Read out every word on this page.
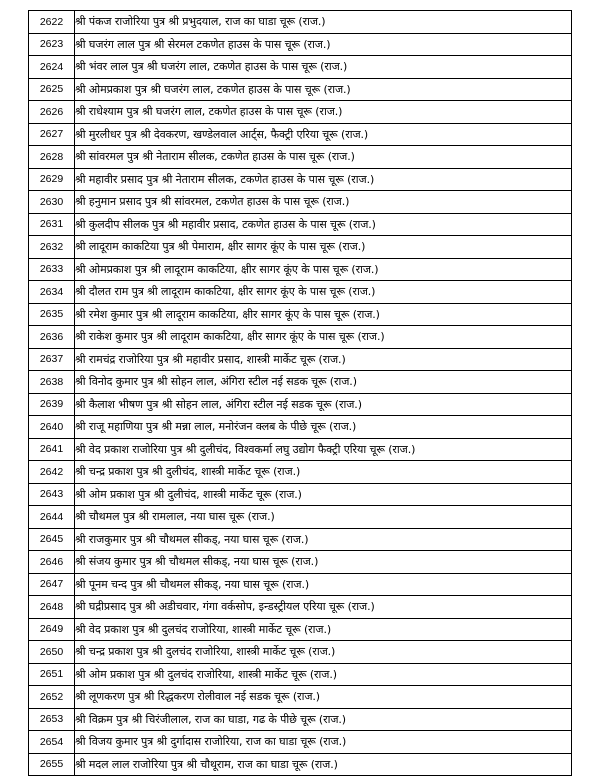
2622	श्री पंकज राजोरिया पुत्र श्री प्रभुदयाल, राज का घाडा चूरू (राज.)
2623	श्री घजरंग लाल पुत्र श्री सेरमल टकणेत हाउस के पास चूरू (राज.)
2624	श्री भंवर लाल पुत्र श्री घजरंग लाल, टकणेत हाउस के पास चूरू (राज.)
2625	श्री ओमप्रकाश पुत्र श्री घजरंग लाल, टकणेत हाउस के पास चूरू (राज.)
2626	श्री राधेश्याम पुत्र श्री घजरंग लाल, टकणेत हाउस के पास चूरू (राज.)
2627	श्री मुरलीधर पुत्र श्री देवकरण, खण्डेलवाल आर्ट्स, फैक्ट्री एरिया चूरू (राज.)
2628	श्री सांवरमल पुत्र श्री नेताराम सीलक, टकणेत हाउस के पास चूरू (राज.)
2629	श्री महावीर प्रसाद पुत्र श्री नेताराम सीलक, टकणेत हाउस के पास चूरू (राज.)
2630	श्री हनुमान प्रसाद पुत्र श्री सांवरमल, टकणेत हाउस के पास चूरू (राज.)
2631	श्री कुलदीप सीलक पुत्र श्री महावीर प्रसाद, टकणेत हाउस के पास चूरू (राज.)
2632	श्री लादूराम काकटिया पुत्र श्री पेमाराम, क्षीर सागर कूंए के पास चूरू (राज.)
2633	श्री ओमप्रकाश पुत्र श्री लादूराम काकटिया, क्षीर सागर कूंए के पास चूरू (राज.)
2634	श्री दौलत राम पुत्र श्री लादूराम काकटिया, क्षीर सागर कूंए के पास चूरू (राज.)
2635	श्री रमेश कुमार पुत्र श्री लादूराम काकटिया, क्षीर सागर कूंए के पास चूरू (राज.)
2636	श्री राकेश कुमार पुत्र श्री लादूराम काकटिया, क्षीर सागर कूंए के पास चूरू (राज.)
2637	श्री रामचंद्र राजोरिया पुत्र श्री महावीर प्रसाद, शास्त्री मार्केट चूरू (राज.)
2638	श्री विनोद कुमार पुत्र श्री सोहन लाल, अंगिरा स्टील नई सडक चूरू (राज.)
2639	श्री कैलाश भीषण पुत्र श्री सोहन लाल, अंगिरा स्टील नई सडक चूरू (राज.)
2640	श्री राजू महाणिया पुत्र श्री मन्ना लाल, मनोरंजन क्लब के पीछे चूरू (राज.)
2641	श्री वेद प्रकाश राजोरिया पुत्र श्री दुलीचंद, विश्वकर्मा लघु उद्योग फैक्ट्री एरिया चूरू (राज.)
2642	श्री चन्द्र प्रकाश पुत्र श्री दुलीचंद, शास्त्री मार्केट चूरू (राज.)
2643	श्री ओम प्रकाश पुत्र श्री दुलीचंद, शास्त्री मार्केट चूरू (राज.)
2644	श्री चौथमल पुत्र श्री रामलाल, नया घास चूरू (राज.)
2645	श्री राजकुमार पुत्र श्री चौथमल सीकड्, नया घास चूरू (राज.)
2646	श्री संजय कुमार पुत्र श्री चौथमल सीकड्, नया घास चूरू (राज.)
2647	श्री पूनम चन्द पुत्र श्री चौथमल सीकड्, नया घास चूरू (राज.)
2648	श्री घद्रीप्रसाद पुत्र श्री अडीचवार, गंगा वर्कसोप, इन्डस्ट्रीयल एरिया चूरू (राज.)
2649	श्री वेद प्रकाश पुत्र श्री दुलचंद राजोरिया, शास्त्री मार्केट चूरू (राज.)
2650	श्री चन्द्र प्रकाश पुत्र श्री दुलचंद राजोरिया, शास्त्री मार्केट चूरू (राज.)
2651	श्री ओम प्रकाश पुत्र श्री दुलचंद राजोरिया, शास्त्री मार्केट चूरू (राज.)
2652	श्री लूणकरण पुत्र श्री रिद्धकरण रोलीवाल नई सडक चूरू (राज.)
2653	श्री विक्रम पुत्र श्री चिरंजीलाल, राज का घाडा, गढ के पीछे चूरू (राज.)
2654	श्री विजय कुमार पुत्र श्री दुर्गादास राजोरिया, राज का घाडा चूरू (राज.)
2655	श्री मदल लाल राजोरिया पुत्र श्री चौथूराम, राज का घाडा चूरू (राज.)
